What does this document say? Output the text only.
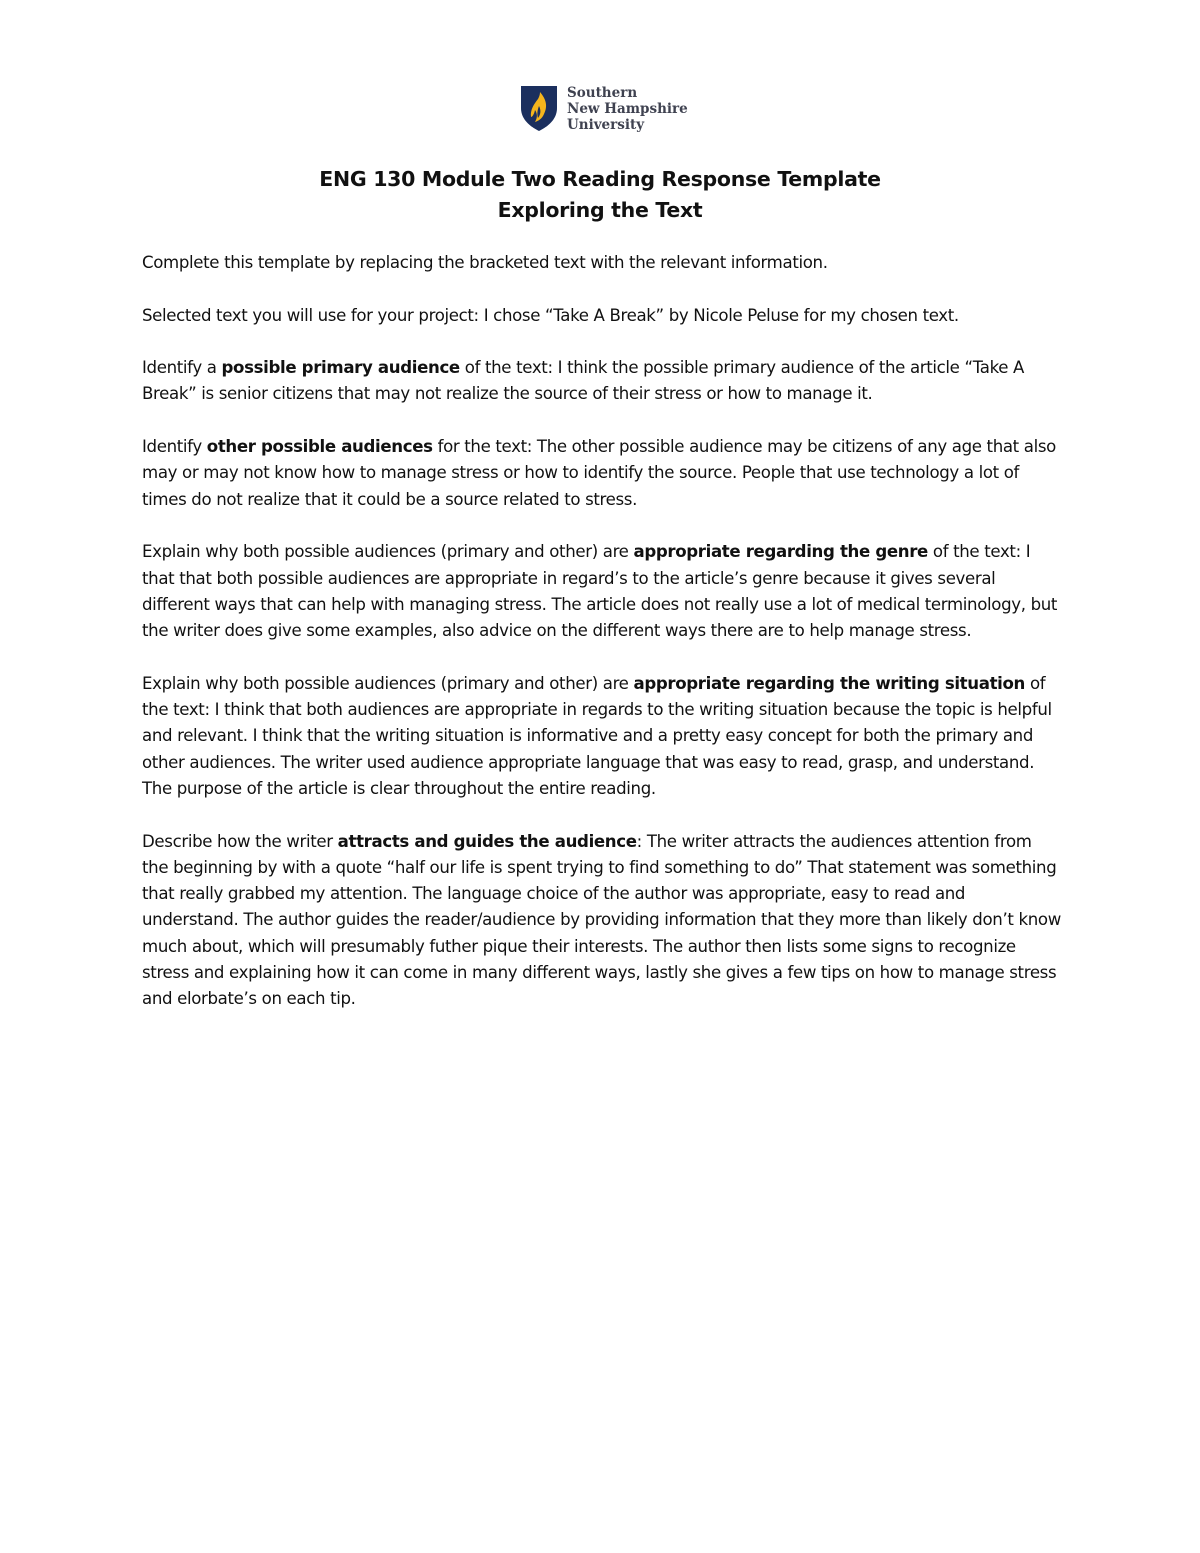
Southern
New Hampshire
University
ENG 130 Module Two Reading Response Template
Exploring the Text

Complete this template by replacing the bracketed text with the relevant information.

Selected text you will use for your project: I chose “Take A Break” by Nicole Peluse for my chosen text.

Identify a possible primary audience of the text: I think the possible primary audience of the article “Take A Break” is senior citizens that may not realize the source of their stress or how to manage it.

Identify other possible audiences for the text: The other possible audience may be citizens of any age that also may or may not know how to manage stress or how to identify the source. People that use technology a lot of times do not realize that it could be a source related to stress.

Explain why both possible audiences (primary and other) are appropriate regarding the genre of the text: I that that both possible audiences are appropriate in regard’s to the article’s genre because it gives several different ways that can help with managing stress. The article does not really use a lot of medical terminology, but the writer does give some examples, also advice on the different ways there are to help manage stress.

Explain why both possible audiences (primary and other) are appropriate regarding the writing situation of the text: I think that both audiences are appropriate in regards to the writing situation because the topic is helpful and relevant. I think that the writing situation is informative and a pretty easy concept for both the primary and other audiences. The writer used audience appropriate language that was easy to read, grasp, and understand. The purpose of the article is clear throughout the entire reading.

Describe how the writer attracts and guides the audience: The writer attracts the audiences attention from the beginning by with a quote “half our life is spent trying to find something to do” That statement was something that really grabbed my attention. The language choice of the author was appropriate, easy to read and understand. The author guides the reader/audience by providing information that they more than likely don’t know much about, which will presumably futher pique their interests. The author then lists some signs to recognize stress and explaining how it can come in many different ways, lastly she gives a few tips on how to manage stress and elorbate’s on each tip.
